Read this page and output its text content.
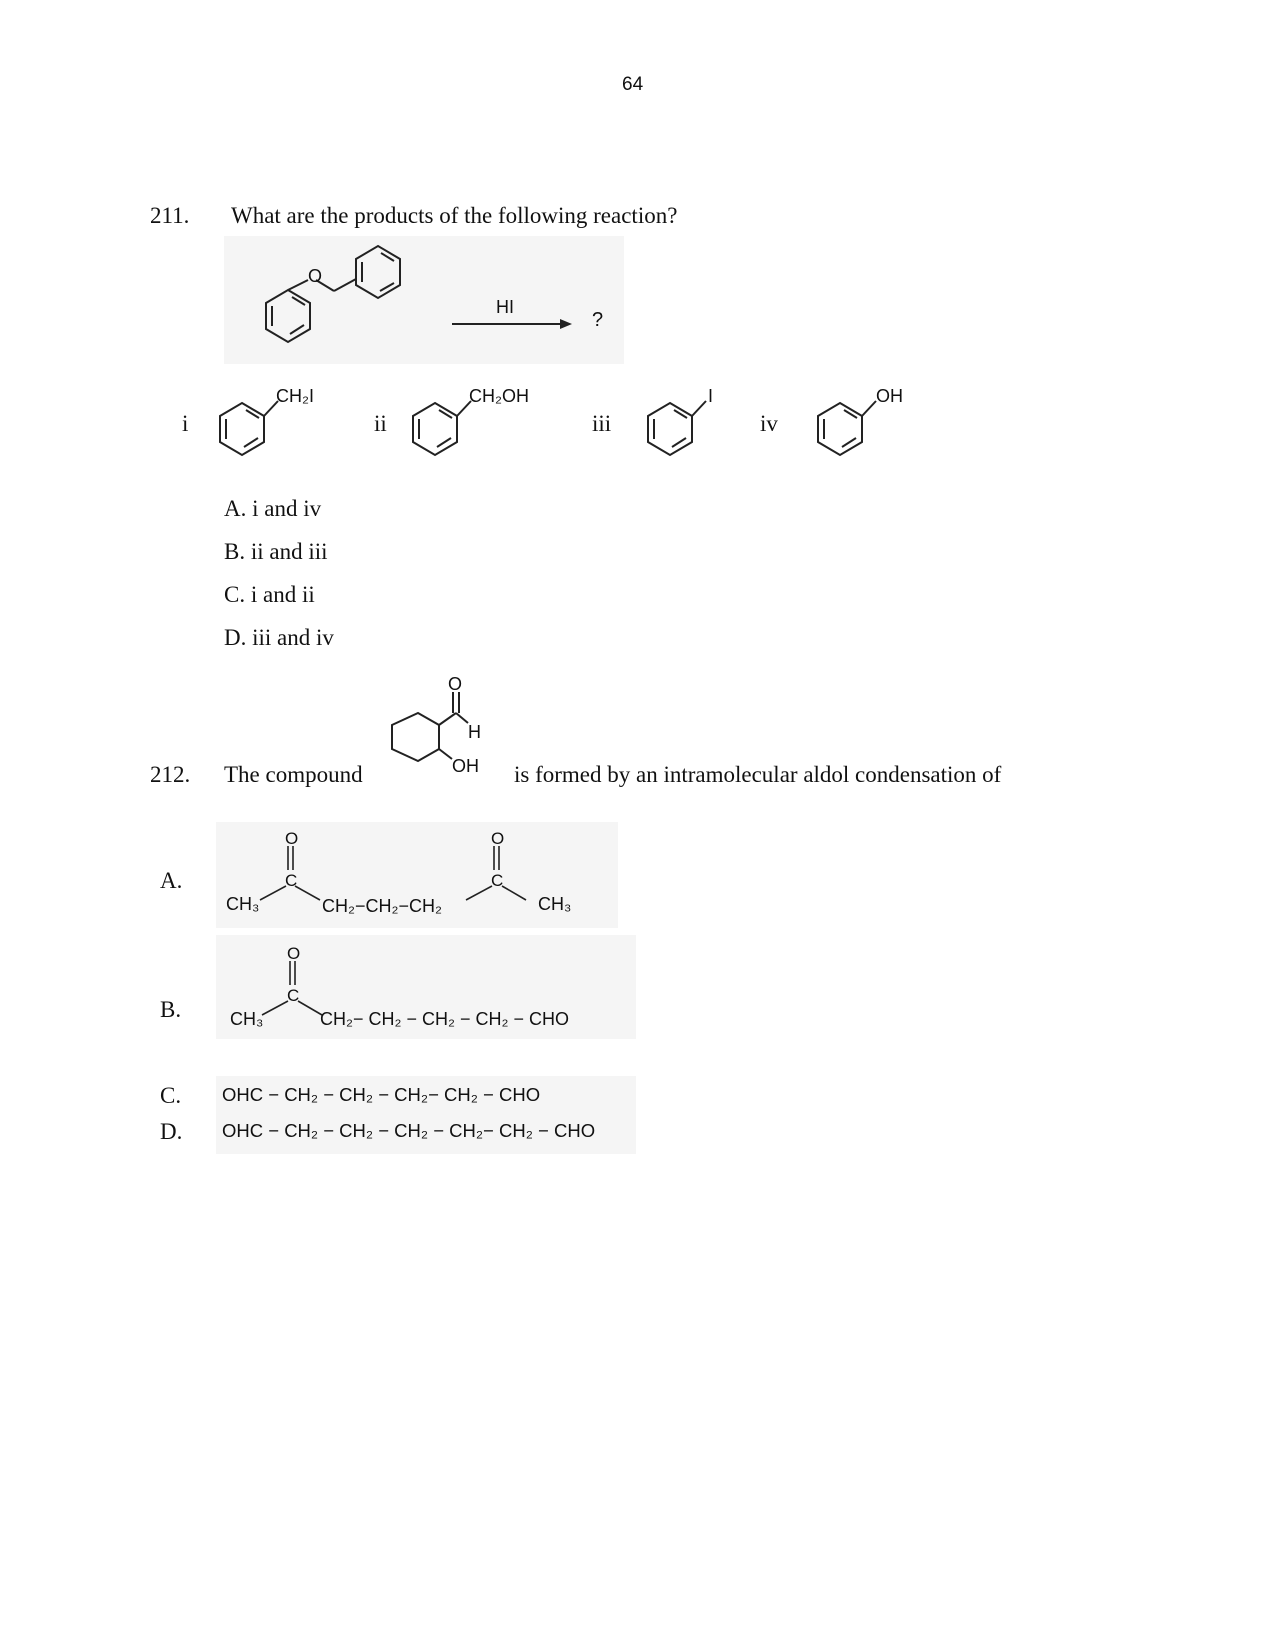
64
211. What are the products of the following reaction?
O
HI
?
i
CH₂I
ii
CH₂OH
iii
I
iv
OH
A. i and iv
B. ii and iii
C. i and ii
D. iii and iv
212. The compound
O
H
OH is formed by an intramolecular aldol condensation of
A.
B.
C.
D.
O
C
O
C
CH₃	CH₂−CH₂−CH₂	CH₃
O
C
CH₃	CH₂− CH₂ − CH₂ − CH₂ − CHO
OHC − CH₂ − CH₂ − CH₂− CH₂ − CHO
OHC − CH₂ − CH₂ − CH₂ − CH₂− CH₂ − CHO
